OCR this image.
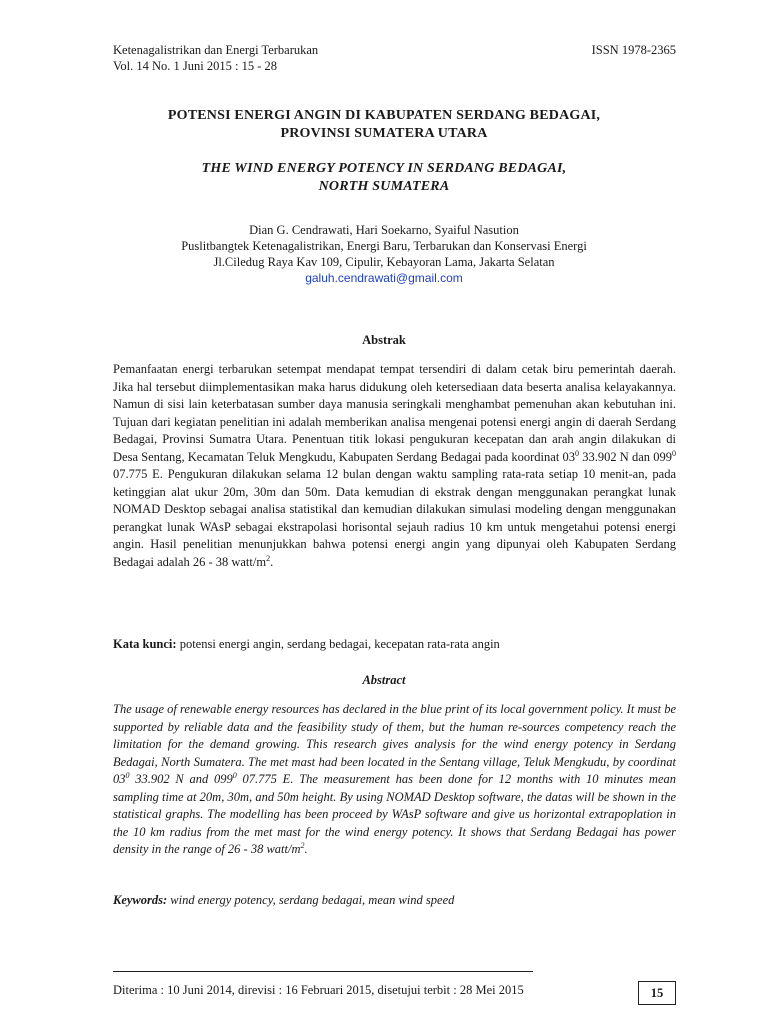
Ketenagalistrikan dan Energi Terbarukan	ISSN 1978-2365
Vol. 14 No. 1 Juni 2015 : 15 - 28
POTENSI ENERGI ANGIN DI KABUPATEN SERDANG BEDAGAI,
PROVINSI SUMATERA UTARA
THE WIND ENERGY POTENCY IN SERDANG BEDAGAI,
NORTH SUMATERA
Dian G. Cendrawati, Hari Soekarno, Syaiful Nasution
Puslitbangtek Ketenagalistrikan, Energi Baru, Terbarukan dan Konservasi Energi
Jl.Ciledug Raya Kav 109, Cipulir, Kebayoran Lama, Jakarta Selatan
galuh.cendrawati@gmail.com
Abstrak
Pemanfaatan energi terbarukan setempat mendapat tempat tersendiri di dalam cetak biru pemerintah daerah. Jika hal tersebut diimplementasikan maka harus didukung oleh ketersediaan data beserta analisa kelayakannya. Namun di sisi lain keterbatasan sumber daya manusia seringkali menghambat pemenuhan akan kebutuhan ini. Tujuan dari kegiatan penelitian ini adalah memberikan analisa mengenai potensi energi angin di daerah Serdang Bedagai, Provinsi Sumatra Utara. Penentuan titik lokasi pengukuran kecepatan dan arah angin dilakukan di Desa Sentang, Kecamatan Teluk Mengkudu, Kabupaten Serdang Bedagai pada koordinat $03^0$ 33.902 N dan $099^0$ 07.775 E. Pengukuran dilakukan selama 12 bulan dengan waktu sampling rata-rata setiap 10 menit-an, pada ketinggian alat ukur 20m, 30m dan 50m. Data kemudian di ekstrak dengan menggunakan perangkat lunak NOMAD Desktop sebagai analisa statistikal dan kemudian dilakukan simulasi modeling dengan menggunakan perangkat lunak WAsP sebagai ekstrapolasi horisontal sejauh radius 10 km untuk mengetahui potensi energi angin. Hasil penelitian menunjukkan bahwa potensi energi angin yang dipunyai oleh Kabupaten Serdang Bedagai adalah 26 - 38 watt/$m^2$.
Kata kunci: potensi energi angin, serdang bedagai, kecepatan rata-rata angin
Abstract
The usage of renewable energy resources has declared in the blue print of its local government policy. It must be supported by reliable data and the feasibility study of them, but the human re-sources competency reach the limitation for the demand growing. This research gives analysis for the wind energy potency in Serdang Bedagai, North Sumatera. The met mast had been located in the Sentang village, Teluk Mengkudu, by coordinat $03^0$ 33.902 N and $099^0$ 07.775 E. The measurement has been done for 12 months with 10 minutes mean sampling time at 20m, 30m, and 50m height. By using NOMAD Desktop software, the datas will be shown in the statistical graphs. The modelling has been proceed by WAsP software and give us horizontal extrapoplation in the 10 km radius from the met mast for the wind energy potency. It shows that Serdang Bedagai has power density in the range of 26 - 38 watt/$m^2$.
Keywords: wind energy potency, serdang bedagai, mean wind speed
Diterima : 10 Juni 2014, direvisi : 16 Februari 2015, disetujui terbit : 28 Mei 2015	15
